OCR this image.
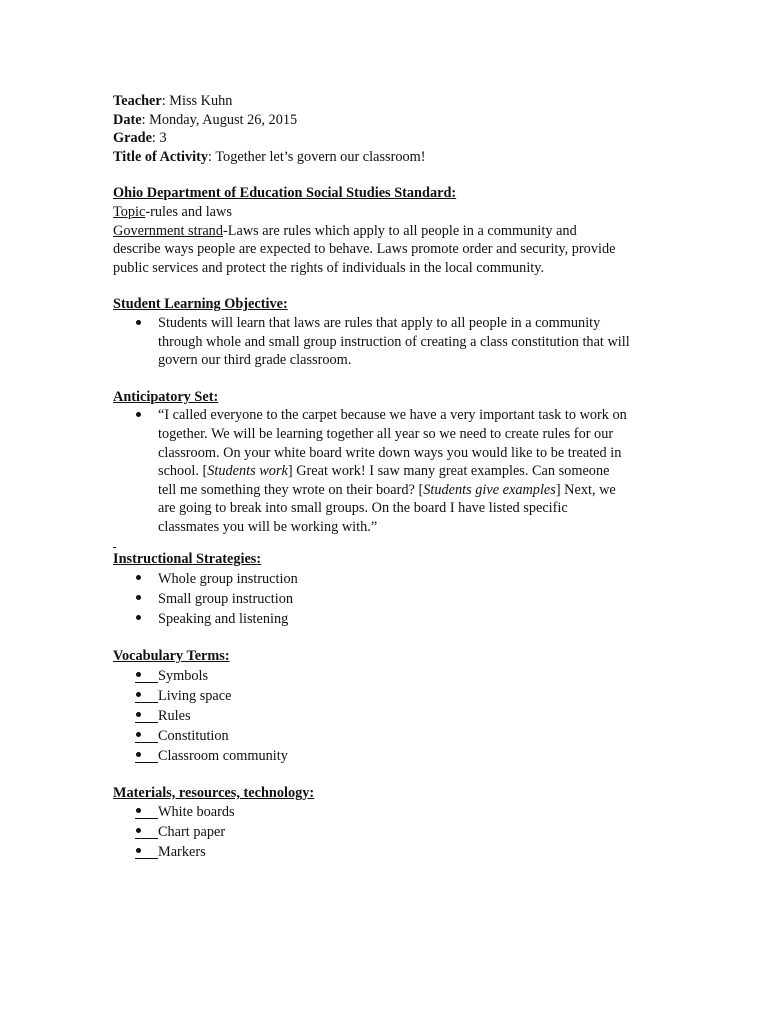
Teacher: Miss Kuhn
Date: Monday, August 26, 2015
Grade: 3
Title of Activity: Together let’s govern our classroom!
Ohio Department of Education Social Studies Standard:
Topic-rules and laws
Government strand-Laws are rules which apply to all people in a community and
describe ways people are expected to behave. Laws promote order and security, provide
public services and protect the rights of individuals in the local community.
Student Learning Objective:
Students will learn that laws are rules that apply to all people in a community
through whole and small group instruction of creating a class constitution that will
govern our third grade classroom.
Anticipatory Set:
“I called everyone to the carpet because we have a very important task to work on
together. We will be learning together all year so we need to create rules for our
classroom. On your white board write down ways you would like to be treated in
school. [Students work] Great work! I saw many great examples. Can someone
tell me something they wrote on their board? [Students give examples] Next, we
are going to break into small groups. On the board I have listed specific
classmates you will be working with.”
Instructional Strategies:
Whole group instruction
Small group instruction
Speaking and listening
Vocabulary Terms:
Symbols
Living space
Rules
Constitution
Classroom community
Materials, resources, technology:
White boards
Chart paper
Markers
